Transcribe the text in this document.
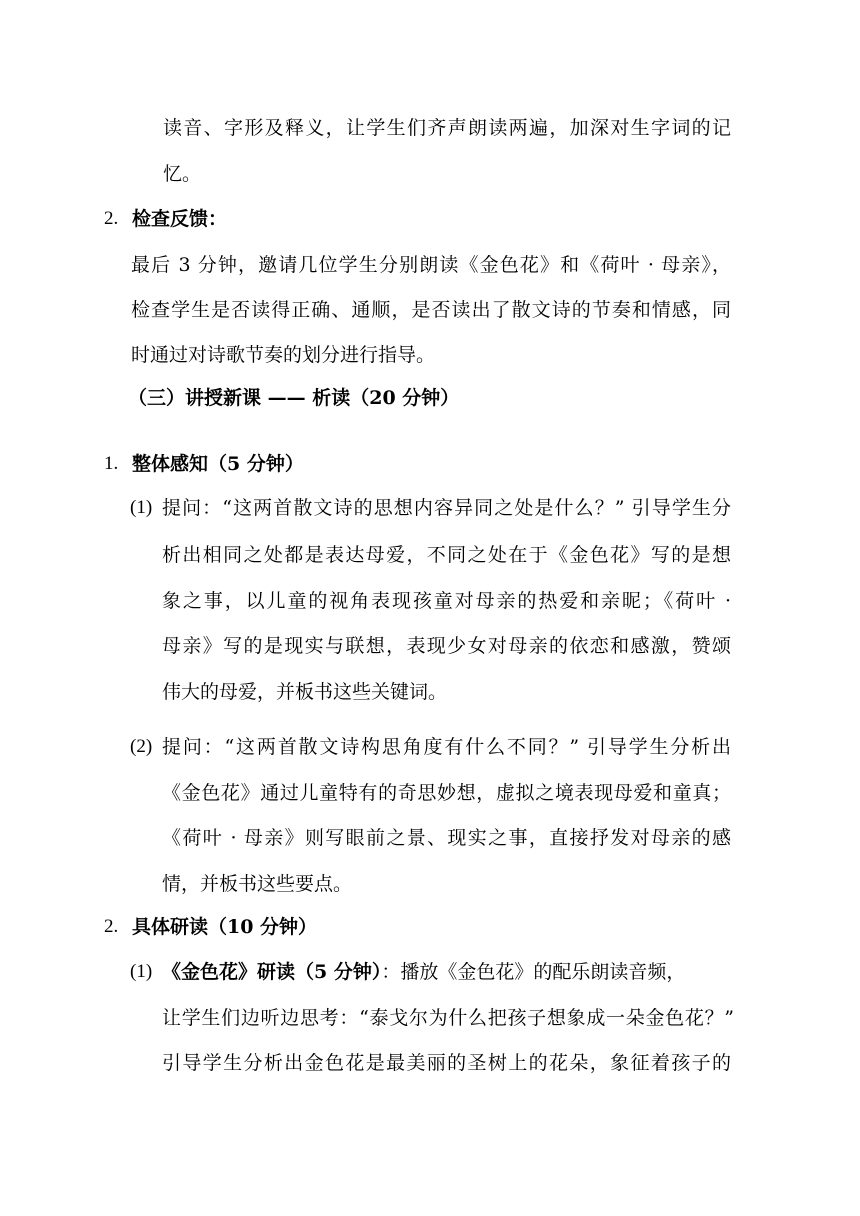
读音、字形及释义，让学生们齐声朗读两遍，加深对生字词的记
忆。
2. 检查反馈：
最后 3 分钟，邀请几位学生分别朗读《金色花》和《荷叶 · 母亲》，
检查学生是否读得正确、通顺，是否读出了散文诗的节奏和情感，同
时通过对诗歌节奏的划分进行指导。
（三）讲授新课 —— 析读（20 分钟）
1. 整体感知（5 分钟）
(1) 提问：“这两首散文诗的思想内容异同之处是什么？” 引导学生分
析出相同之处都是表达母爱，不同之处在于《金色花》写的是想
象之事，以儿童的视角表现孩童对母亲的热爱和亲昵；《荷叶 ·
母亲》写的是现实与联想，表现少女对母亲的依恋和感激，赞颂
伟大的母爱，并板书这些关键词。
(2) 提问：“这两首散文诗构思角度有什么不同？” 引导学生分析出
《金色花》通过儿童特有的奇思妙想，虚拟之境表现母爱和童真；
《荷叶 · 母亲》则写眼前之景、现实之事，直接抒发对母亲的感
情，并板书这些要点。
2. 具体研读（10 分钟）
(1) 《金色花》研读（5 分钟）：播放《金色花》的配乐朗读音频，
让学生们边听边思考：“泰戈尔为什么把孩子想象成一朵金色花？”
引导学生分析出金色花是最美丽的圣树上的花朵，象征着孩子的
